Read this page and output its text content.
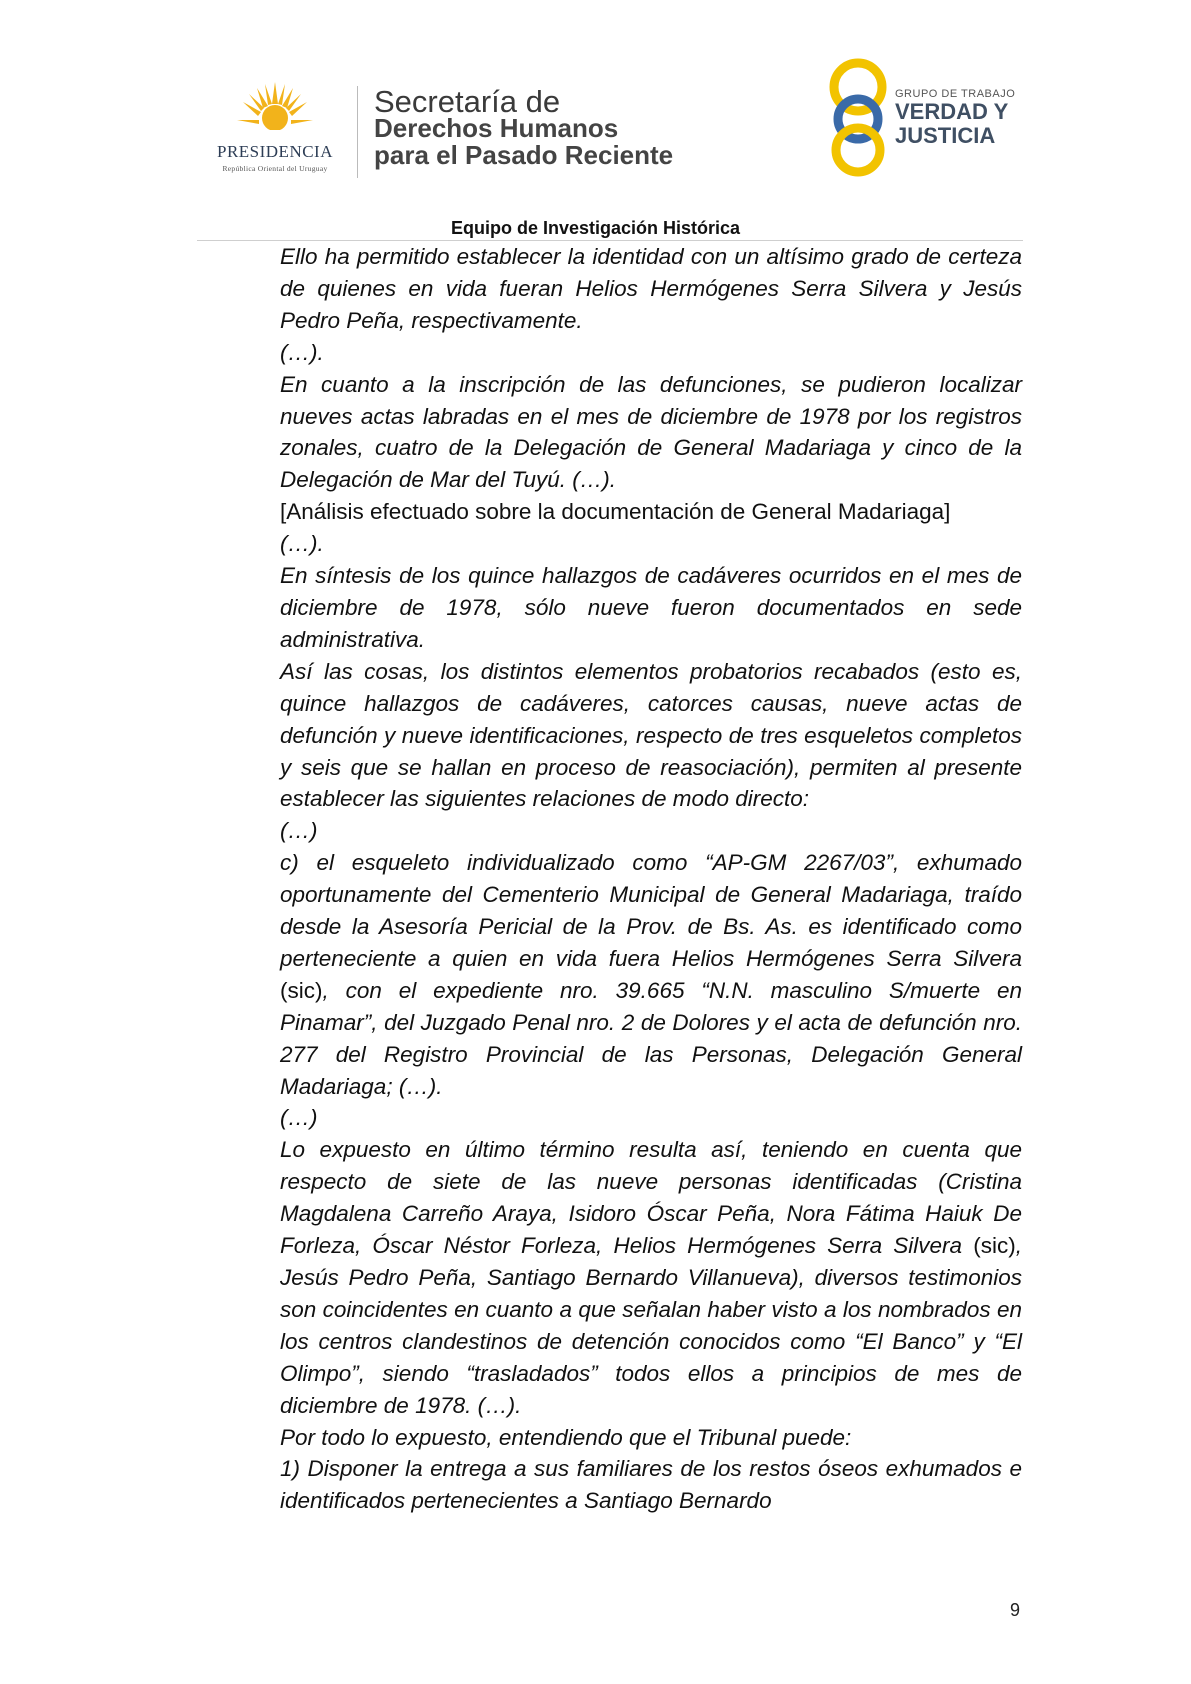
PRESIDENCIA
República Oriental del Uruguay
Secretaría de
Derechos Humanos
para el Pasado Reciente
GRUPO DE TRABAJO
VERDAD Y
JUSTICIA
Equipo de Investigación Histórica

Ello ha permitido establecer la identidad con un altísimo grado de certeza de quienes en vida fueran Helios Hermógenes Serra Silvera y Jesús Pedro Peña, respectivamente.

(…).

En cuanto a la inscripción de las defunciones, se pudieron localizar nueves actas labradas en el mes de diciembre de 1978 por los registros zonales, cuatro de la Delegación de General Madariaga y cinco de la Delegación de Mar del Tuyú. (…).

[Análisis efectuado sobre la documentación de General Madariaga]

(…).

En síntesis de los quince hallazgos de cadáveres ocurridos en el mes de diciembre de 1978, sólo nueve fueron documentados en sede administrativa.

Así las cosas, los distintos elementos probatorios recabados (esto es, quince hallazgos de cadáveres, catorces causas, nueve actas de defunción y nueve identificaciones, respecto de tres esqueletos completos y seis que se hallan en proceso de reasociación), permiten al presente establecer las siguientes relaciones de modo directo:

(…)

c) el esqueleto individualizado como “AP-GM 2267/03”, exhumado oportunamente del Cementerio Municipal de General Madariaga, traído desde la Asesoría Pericial de la Prov. de Bs. As. es identificado como perteneciente a quien en vida fuera Helios Hermógenes Serra Silvera (sic), con el expediente nro. 39.665 “N.N. masculino S/muerte en Pinamar”, del Juzgado Penal nro. 2 de Dolores y el acta de defunción nro. 277 del Registro Provincial de las Personas, Delegación General Madariaga; (…).

(…)

Lo expuesto en último término resulta así, teniendo en cuenta que respecto de siete de las nueve personas identificadas (Cristina Magdalena Carreño Araya, Isidoro Óscar Peña, Nora Fátima Haiuk De Forleza, Óscar Néstor Forleza, Helios Hermógenes Serra Silvera (sic), Jesús Pedro Peña, Santiago Bernardo Villanueva), diversos testimonios son coincidentes en cuanto a que señalan haber visto a los nombrados en los centros clandestinos de detención conocidos como “El Banco” y “El Olimpo”, siendo “trasladados” todos ellos a principios de mes de diciembre de 1978. (…).

Por todo lo expuesto, entendiendo que el Tribunal puede:

1) Disponer la entrega a sus familiares de los restos óseos exhumados e identificados pertenecientes a Santiago Bernardo

9
